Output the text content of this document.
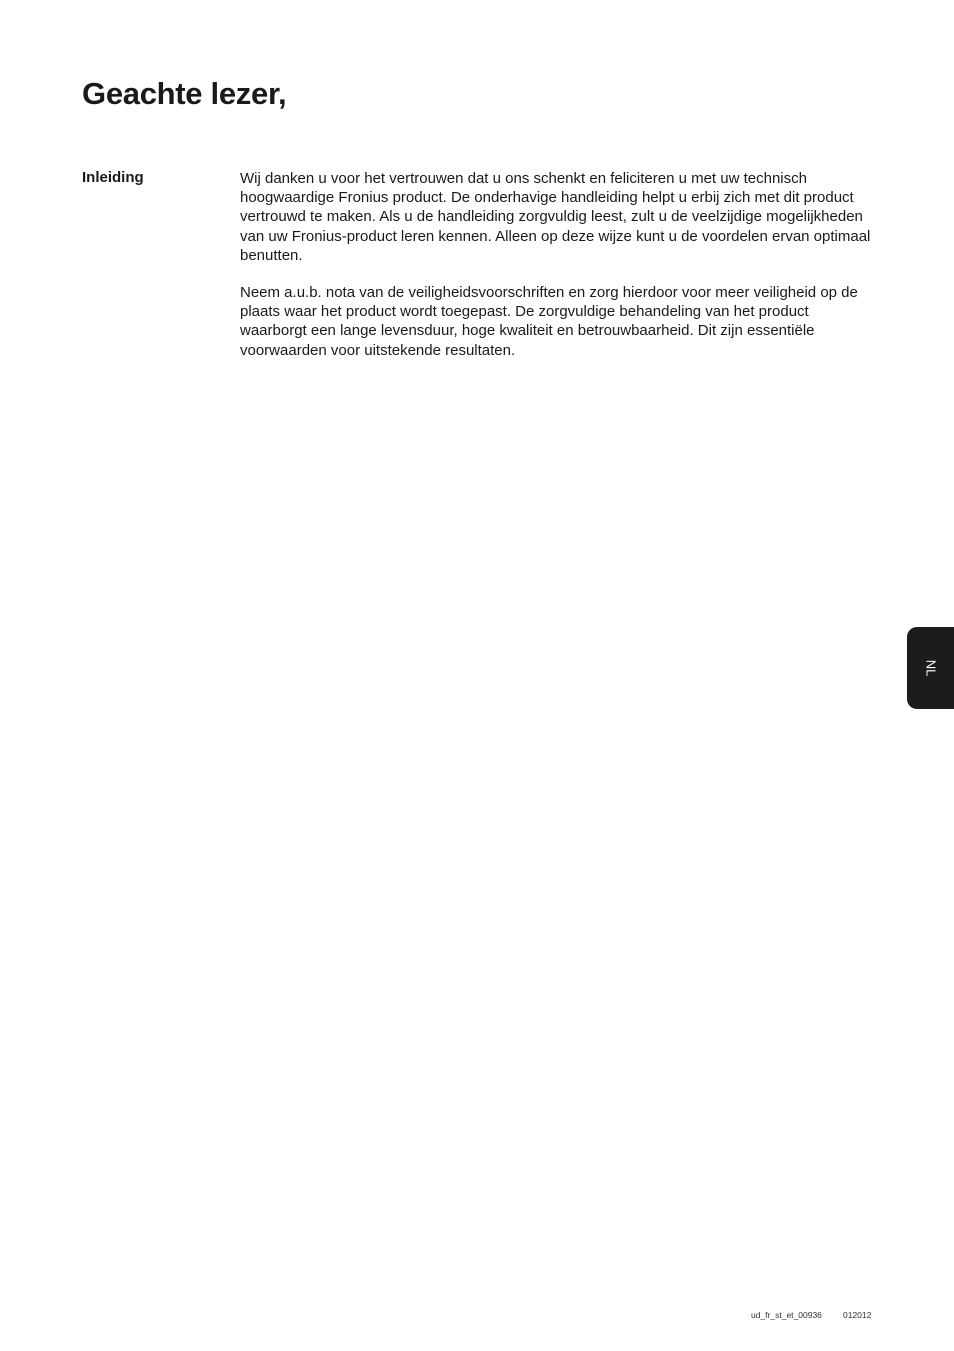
Geachte lezer,
Inleiding	Wij danken u voor het vertrouwen dat u ons schenkt en feliciteren u met uw technisch hoogwaardige Fronius product. De onderhavige handleiding helpt u erbij zich met dit product vertrouwd te maken. Als u de handleiding zorgvuldig leest, zult u de veelzijdige mogelijkheden van uw Fronius-product leren kennen. Alleen op deze wijze kunt u de voordelen ervan optimaal benutten.

Neem a.u.b. nota van de veiligheidsvoorschriften en zorg hierdoor voor meer veiligheid op de plaats waar het product wordt toegepast. De zorgvuldige behandeling van het product waarborgt een lange levensduur, hoge kwaliteit en betrouwbaarheid. Dit zijn essentiële voorwaarden voor uitstekende resultaten.

NL
ud_fr_st_et_00936 012012
